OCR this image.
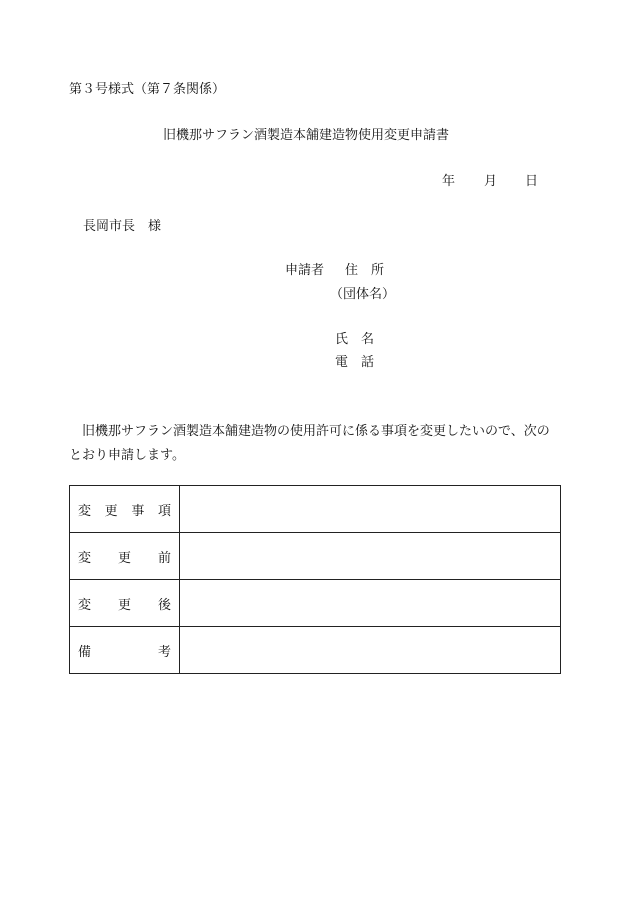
第３号様式（第７条関係）
旧機那サフラン酒製造本舗建造物使用変更申請書
年 月 日
長岡市長　様
申請者 住　所
（団体名）
氏　名
電　話
旧機那サフラン酒製造本舗建造物の使用許可に係る事項を変更したいので、次のとおり申請します。
変 更 事 項	

変 更 前	

変 更 後	

備 考	
